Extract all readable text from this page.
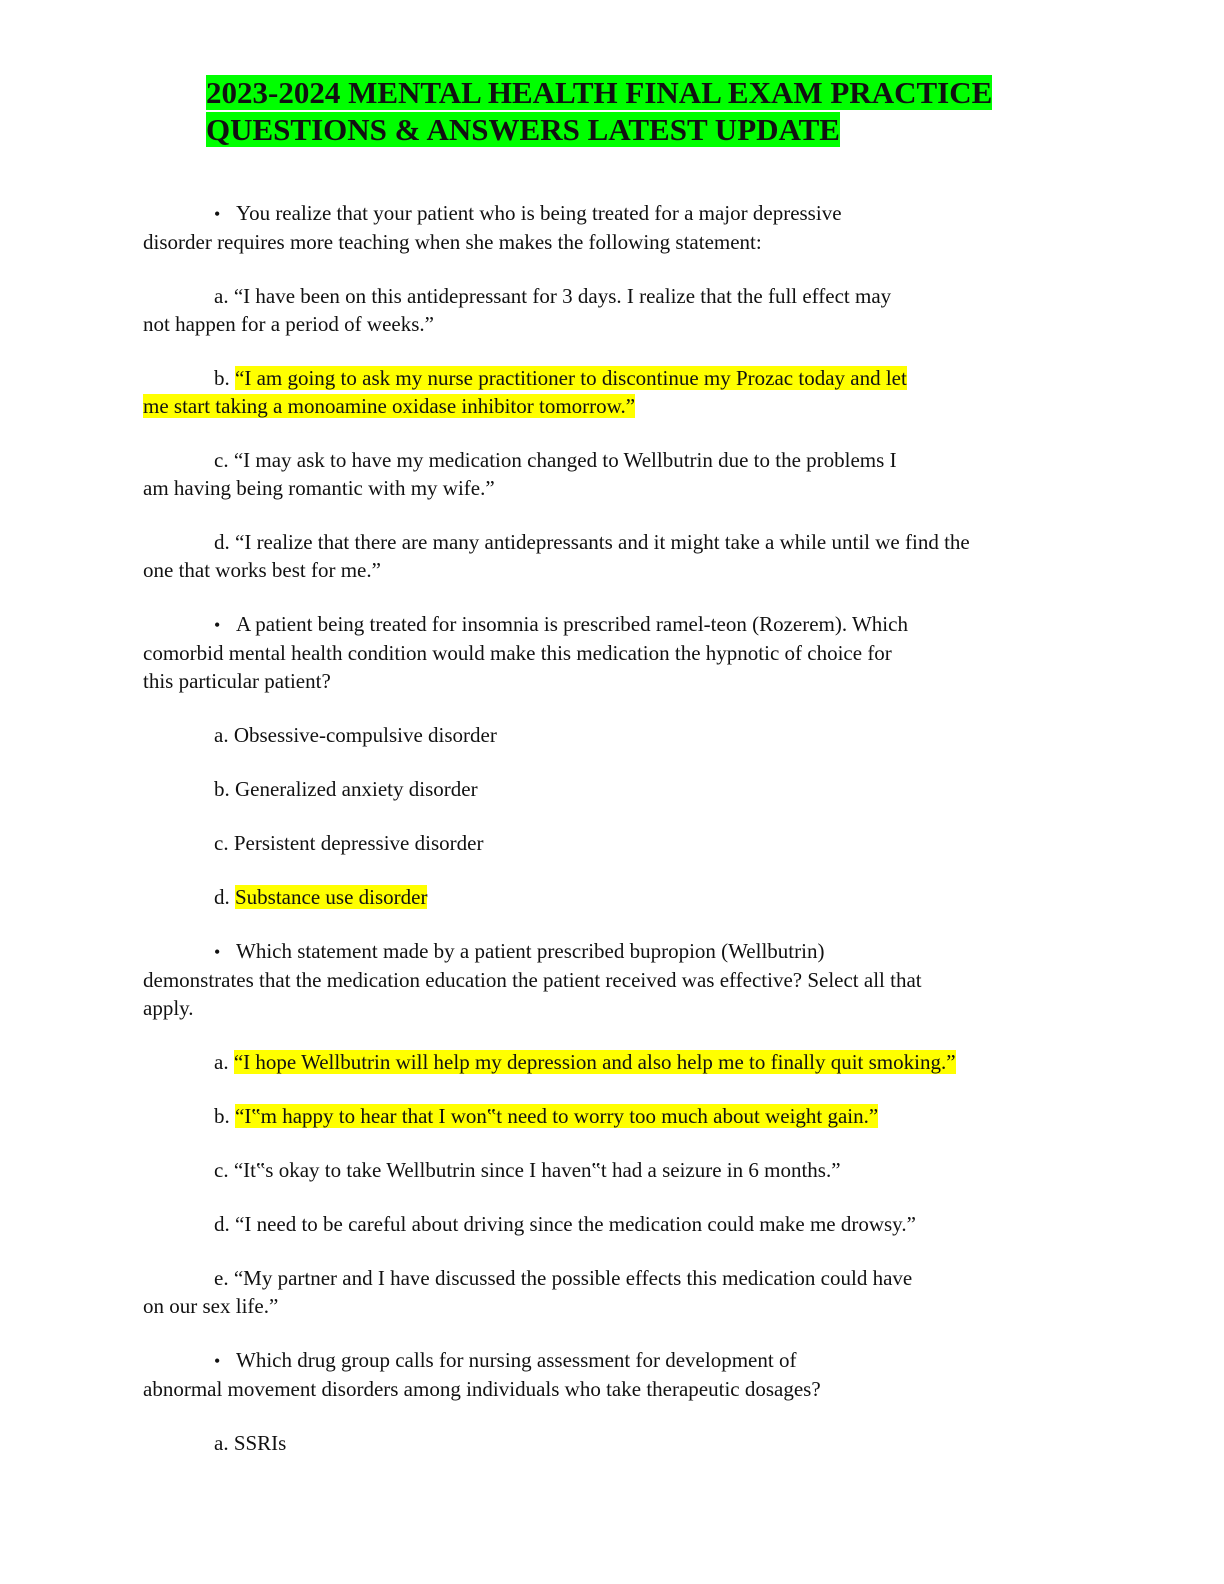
2023-2024 MENTAL HEALTH FINAL EXAM PRACTICE
QUESTIONS & ANSWERS LATEST UPDATE
• You realize that your patient who is being treated for a major depressive
disorder requires more teaching when she makes the following statement:
a. “I have been on this antidepressant for 3 days. I realize that the full effect may
not happen for a period of weeks.”
b. “I am going to ask my nurse practitioner to discontinue my Prozac today and let
me start taking a monoamine oxidase inhibitor tomorrow.”
c. “I may ask to have my medication changed to Wellbutrin due to the problems I
am having being romantic with my wife.”
d. “I realize that there are many antidepressants and it might take a while until we find the
one that works best for me.”
• A patient being treated for insomnia is prescribed ramel-teon (Rozerem). Which
comorbid mental health condition would make this medication the hypnotic of choice for
this particular patient?
a. Obsessive-compulsive disorder
b. Generalized anxiety disorder
c. Persistent depressive disorder
d. Substance use disorder
• Which statement made by a patient prescribed bupropion (Wellbutrin)
demonstrates that the medication education the patient received was effective? Select all that
apply.
a. “I hope Wellbutrin will help my depression and also help me to finally quit smoking.”
b. “I‟m happy to hear that I won‟t need to worry too much about weight gain.”
c. “It‟s okay to take Wellbutrin since I haven‟t had a seizure in 6 months.”
d. “I need to be careful about driving since the medication could make me drowsy.”
e. “My partner and I have discussed the possible effects this medication could have
on our sex life.”
• Which drug group calls for nursing assessment for development of
abnormal movement disorders among individuals who take therapeutic dosages?
a. SSRIs
